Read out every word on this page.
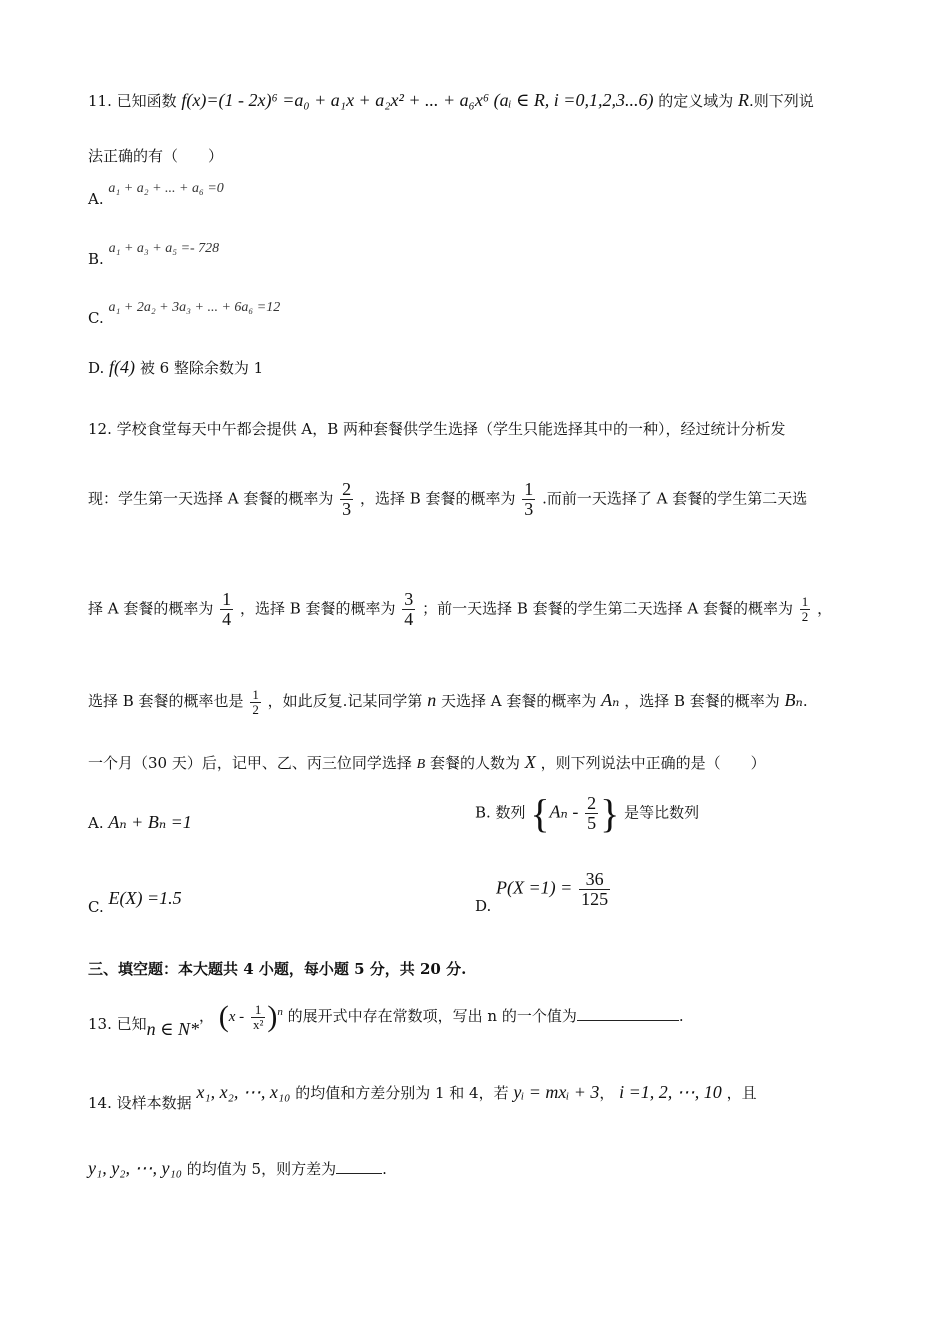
11. 已知函数 f(x)=(1 - 2x)⁶ =a₀ + a₁x + a₂x² + ... + a₆x⁶ (aᵢ ∈ R, i =0,1,2,3...6) 的定义域为 R.则下列说
法正确的有（　　）
A. a₁ + a₂ + ... + a₆ =0
B. a₁ + a₃ + a₅ =- 728
C. a₁ + 2a₂ + 3a₃ + ... + 6a₆ =12
D. f(4) 被 6 整除余数为 1
12. 学校食堂每天中午都会提供 A，B 两种套餐供学生选择（学生只能选择其中的一种），经过统计分析发
现：学生第一天选择 A 套餐的概率为 $\frac{2}{3}$ ，选择 B 套餐的概率为 $\frac{1}{3}$ .而前一天选择了 A 套餐的学生第二天选
择 A 套餐的概率为 $\frac{1}{4}$ ，选择 B 套餐的概率为 $\frac{3}{4}$ ；前一天选择 B 套餐的学生第二天选择 A 套餐的概率为 $\frac{1}{2}$ ，
选择 B 套餐的概率也是 $\frac{1}{2}$ ，如此反复.记某同学第 n 天选择 A 套餐的概率为 Aₙ ，选择 B 套餐的概率为 Bₙ.
一个月（30 天）后，记甲、乙、丙三位同学选择 B 套餐的人数为 X ，则下列说法中正确的是（　　）
A. Aₙ + Bₙ =1	B. 数列 {$A_n - \frac{2}{5}$ } 是等比数列
C. E(X) =1.5	D. $P(X =1) = \frac{36}{125}$
三、填空题：本大题共 4 小题，每小题 5 分，共 20 分.
13. 已知n ∈ N*， $(x - \frac{1}{\text{x²}} )^n$ 的展开式中存在常数项，写出 n 的一个值为	.
14. 设样本数据 x₁, x₂, ⋯, x₁₀ 的均值和方差分别为 1 和 4，若 yᵢ = mxᵢ + 3， i =1, 2, ⋯, 10 ，且
y₁, y₂, ⋯, y₁₀ 的均值为 5，则方差为	.
